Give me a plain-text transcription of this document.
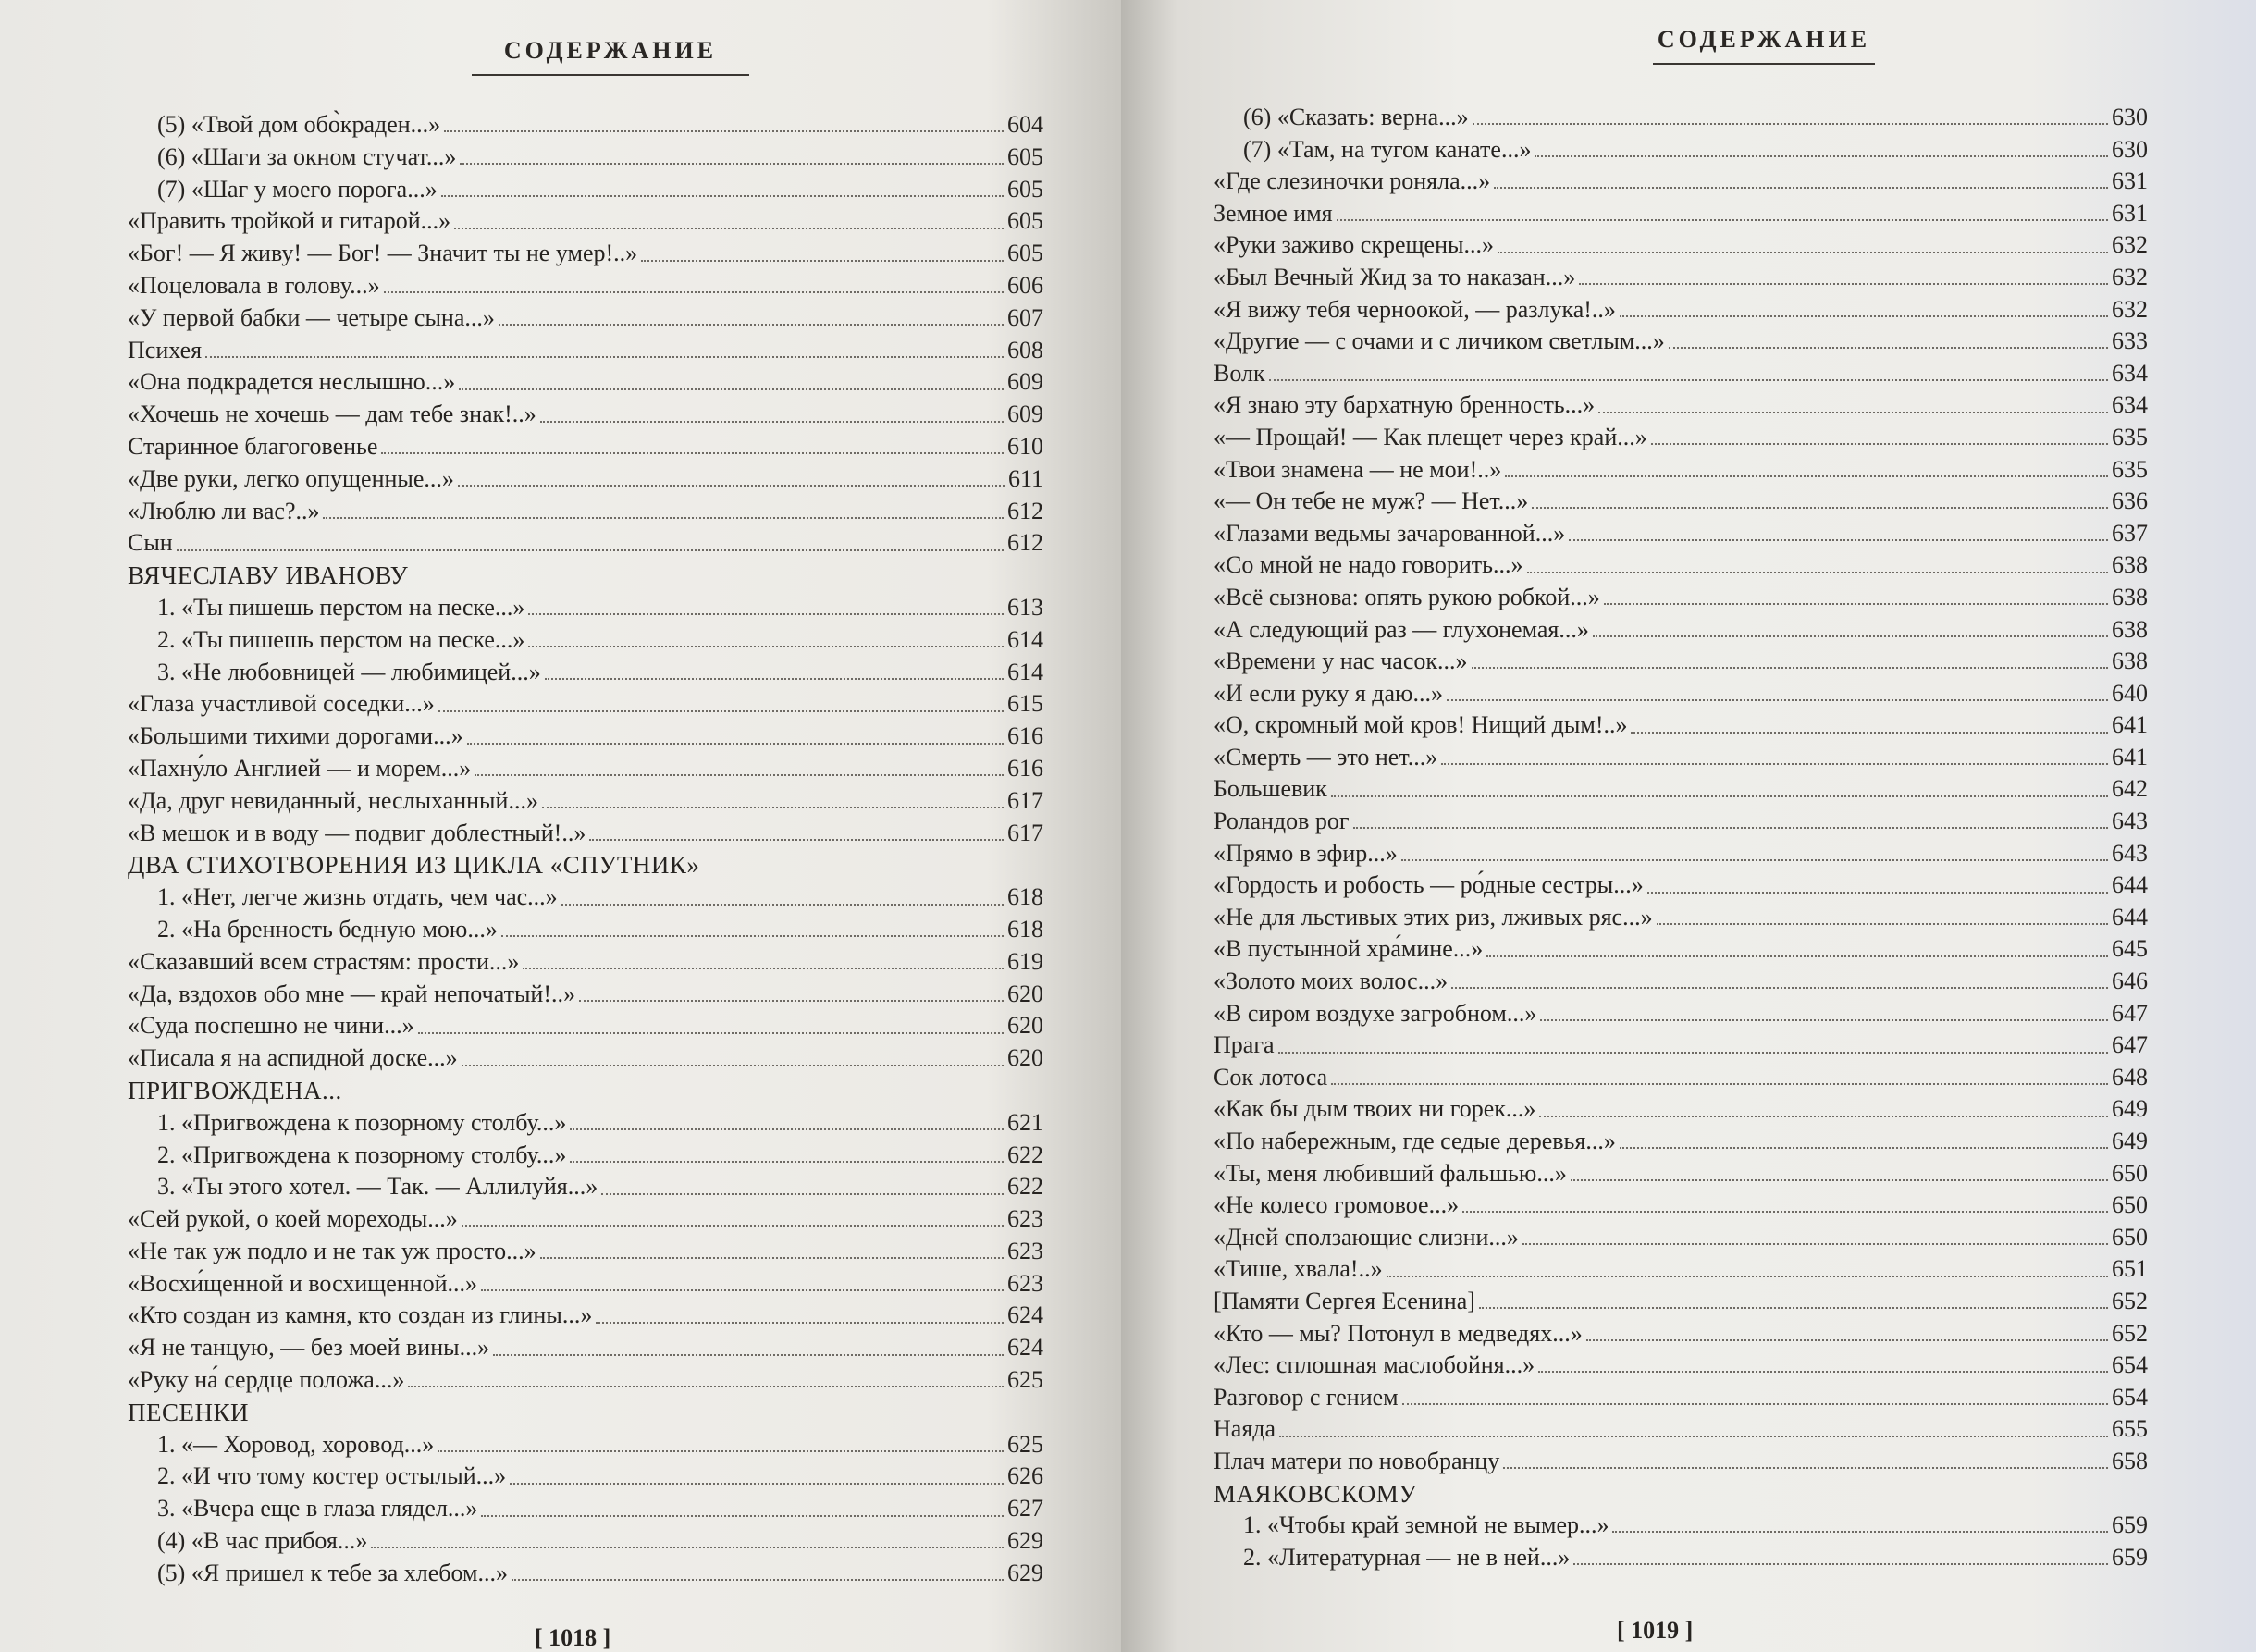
СОДЕРЖАНИЕ
(5) «Твой дом обо̀краден...»	604
(6) «Шаги за окном стучат...»	605
(7) «Шаг у моего порога...»	605
«Править тройкой и гитарой...»	605
«Бог! — Я живу! — Бог! — Значит ты не умер!..»	605
«Поцеловала в голову...»	606
«У первой бабки — четыре сына...»	607
Психея	608
«Она подкрадется неслышно...»	609
«Хочешь не хочешь — дам тебе знак!..»	609
Старинное благоговенье	610
«Две руки, легко опущенные...»	611
«Люблю ли вас?..»	612
Сын	612
ВЯЧЕСЛАВУ ИВАНОВУ
1. «Ты пишешь перстом на песке...»	613
2. «Ты пишешь перстом на песке...»	614
3. «Не любовницей — любимицей...»	614
«Глаза участливой соседки...»	615
«Большими тихими дорогами...»	616
«Пахну́ло Англией — и морем...»	616
«Да, друг невиданный, неслыханный...»	617
«В мешок и в воду — подвиг доблестный!..»	617
ДВА СТИХОТВОРЕНИЯ ИЗ ЦИКЛА «СПУТНИК»
1. «Нет, легче жизнь отдать, чем час...»	618
2. «На бренность бедную мою...»	618
«Сказавший всем страстям: прости...»	619
«Да, вздохов обо мне — край непочатый!..»	620
«Суда поспешно не чини...»	620
«Писала я на аспидной доске...»	620
ПРИГВОЖДЕНА...
1. «Пригвождена к позорному столбу...»	621
2. «Пригвождена к позорному столбу...»	622
3. «Ты этого хотел. — Так. — Аллилуйя...»	622
«Сей рукой, о коей мореходы...»	623
«Не так уж подло и не так уж просто...»	623
«Восхи́щенной и восхищенной...»	623
«Кто создан из камня, кто создан из глины...»	624
«Я не танцую, — без моей вины...»	624
«Руку на́ сердце положа...»	625
ПЕСЕНКИ
1. «— Хоровод, хоровод...»	625
2. «И что тому костер остылый...»	626
3. «Вчера еще в глаза глядел...»	627
(4) «В час прибоя...»	629
(5) «Я пришел к тебе за хлебом...»	629
[ 1018 ]
СОДЕРЖАНИЕ
(6) «Сказать: верна...»	630
(7) «Там, на тугом канате...»	630
«Где слезиночки роняла...»	631
Земное имя	631
«Руки заживо скрещены...»	632
«Был Вечный Жид за то наказан...»	632
«Я вижу тебя черноокой, — разлука!..»	632
«Другие — с очами и с личиком светлым...»	633
Волк	634
«Я знаю эту бархатную бренность...»	634
«— Прощай! — Как плещет через край...»	635
«Твои знамена — не мои!..»	635
«— Он тебе не муж? — Нет...»	636
«Глазами ведьмы зачарованной...»	637
«Со мной не надо говорить...»	638
«Всё сызнова: опять рукою робкой...»	638
«А следующий раз — глухонемая...»	638
«Времени у нас часок...»	638
«И если руку я даю...»	640
«О, скромный мой кров! Нищий дым!..»	641
«Смерть — это нет...»	641
Большевик	642
Роландов рог	643
«Прямо в эфир...»	643
«Гордость и робость — ро́дные сестры...»	644
«Не для льстивых этих риз, лживых ряс...»	644
«В пустынной хра́мине...»	645
«Золото моих волос...»	646
«В сиром воздухе загробном...»	647
Прага	647
Сок лотоса	648
«Как бы дым твоих ни горек...»	649
«По набережным, где седые деревья...»	649
«Ты, меня любивший фальшью...»	650
«Не колесо громовое...»	650
«Дней сползающие слизни...»	650
«Тише, хвала!..»	651
[Памяти Сергея Есенина]	652
«Кто — мы? Потонул в медведях...»	652
«Лес: сплошная маслобойня...»	654
Разговор с гением	654
Наяда	655
Плач матери по новобранцу	658
МАЯКОВСКОМУ
1. «Чтобы край земной не вымер...»	659
2. «Литературная — не в ней...»	659
[ 1019 ]
